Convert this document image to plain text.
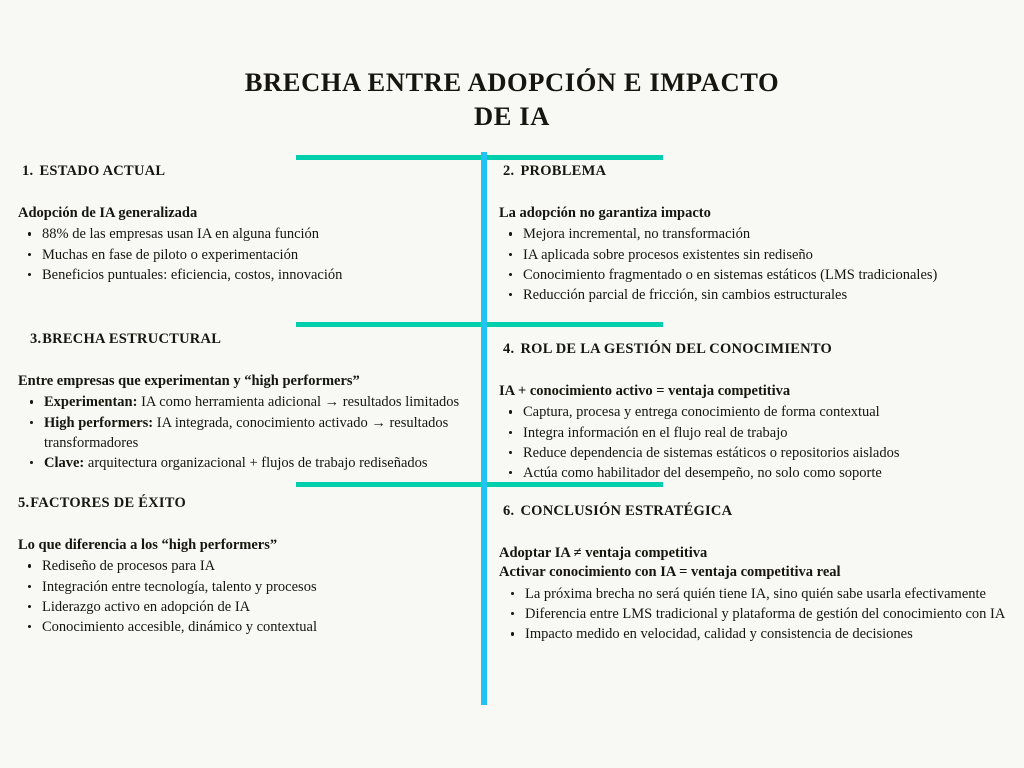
BRECHA ENTRE ADOPCIÓN E IMPACTO
DE IA
1. ESTADO ACTUAL

Adopción de IA generalizada

88% de las empresas usan IA en alguna función
Muchas en fase de piloto o experimentación
Beneficios puntuales: eficiencia, costos, innovación
2. PROBLEMA

La adopción no garantiza impacto

Mejora incremental, no transformación
IA aplicada sobre procesos existentes sin rediseño
Conocimiento fragmentado o en sistemas estáticos (LMS tradicionales)
Reducción parcial de fricción, sin cambios estructurales
3.BRECHA ESTRUCTURAL

Entre empresas que experimentan y “high performers”

Experimentan: IA como herramienta adicional → resultados limitados
High performers: IA integrada, conocimiento activado → resultados transformadores
Clave: arquitectura organizacional + flujos de trabajo rediseñados
4. ROL DE LA GESTIÓN DEL CONOCIMIENTO

IA + conocimiento activo = ventaja competitiva

Captura, procesa y entrega conocimiento de forma contextual
Integra información en el flujo real de trabajo
Reduce dependencia de sistemas estáticos o repositorios aislados
Actúa como habilitador del desempeño, no solo como soporte
5.FACTORES DE ÉXITO

Lo que diferencia a los “high performers”

Rediseño de procesos para IA
Integración entre tecnología, talento y procesos
Liderazgo activo en adopción de IA
Conocimiento accesible, dinámico y contextual
6. CONCLUSIÓN ESTRATÉGICA

Adoptar IA ≠ ventaja competitiva

Activar conocimiento con IA = ventaja competitiva real

La próxima brecha no será quién tiene IA, sino quién sabe usarla efectivamente
Diferencia entre LMS tradicional y plataforma de gestión del conocimiento con IA
Impacto medido en velocidad, calidad y consistencia de decisiones
